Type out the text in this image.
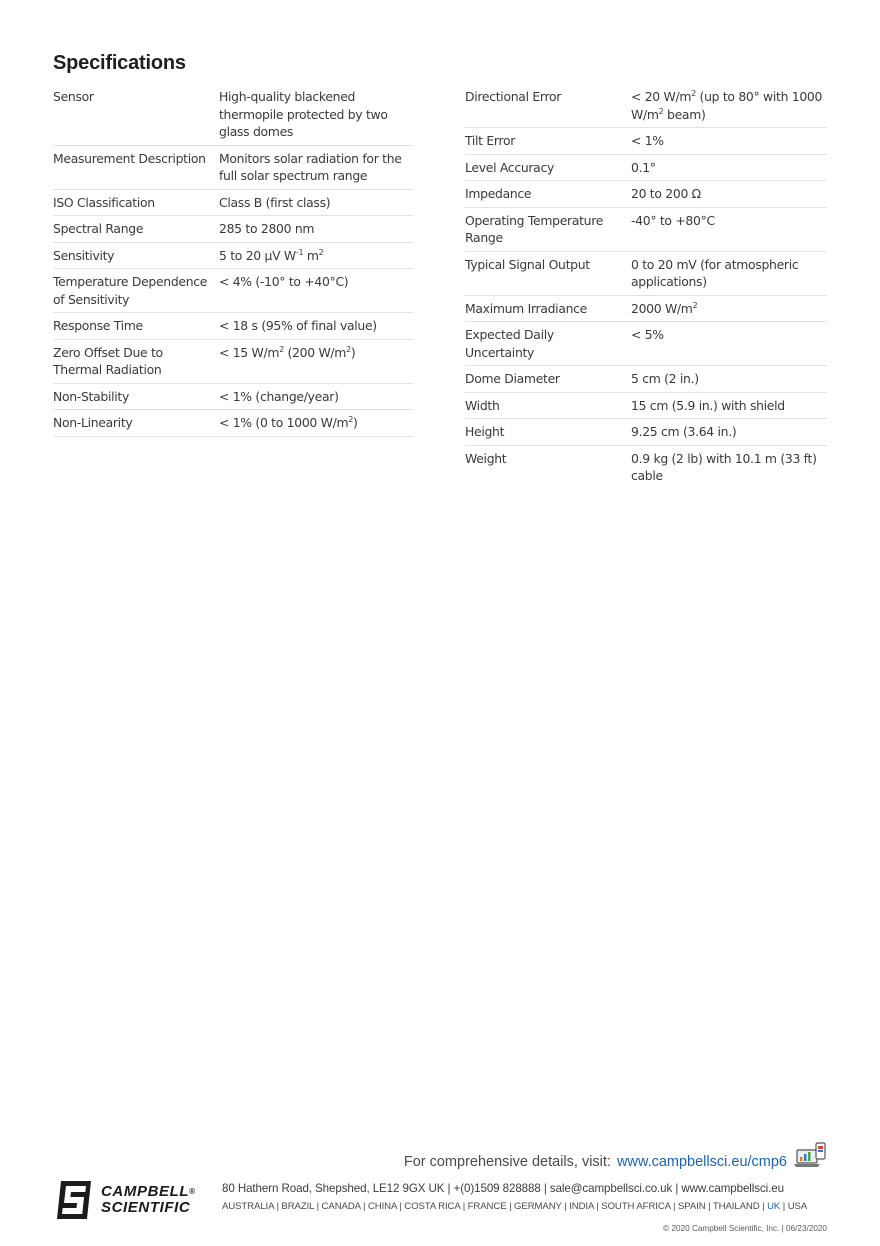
Specifications
Sensor	High-quality blackened thermopile protected by two glass domes
Measurement Description	Monitors solar radiation for the full solar spectrum range
ISO Classification	Class B (first class)
Spectral Range	285 to 2800 nm
Sensitivity	5 to 20 µV $W^{-1}$ $m^2$
Temperature Dependence of Sensitivity	< 4% (-10° to +40°C)
Response Time	< 18 s (95% of final value)
Zero Offset Due to Thermal Radiation	< 15 $W/m^2$ (200 $W/m^2$)
Non-Stability	< 1% (change/year)
Non-Linearity	< 1% (0 to 1000 $W/m^2$)
Directional Error	< 20 $W/m^2$ (up to 80° with 1000 $W/m^2$ beam)
Tilt Error	< 1%
Level Accuracy	0.1°
Impedance	20 to 200 Ω
Operating Temperature Range	-40° to +80°C
Typical Signal Output	0 to 20 mV (for atmospheric applications)
Maximum Irradiance	2000 $W/m^2$
Expected Daily Uncertainty	< 5%
Dome Diameter	5 cm (2 in.)
Width	15 cm (5.9 in.) with shield
Height	9.25 cm (3.64 in.)
Weight	0.9 kg (2 lb) with 10.1 m (33 ft) cable
For comprehensive details, visit: www.campbellsci.eu/cmp6
CAMPBELL®
SCIENTIFIC
80 Hathern Road, Shepshed, LE12 9GX UK | +(0)1509 828888 | sale@campbellsci.co.uk | www.campbellsci.eu
AUSTRALIA | BRAZIL | CANADA | CHINA | COSTA RICA | FRANCE | GERMANY | INDIA | SOUTH AFRICA | SPAIN | THAILAND | UK | USA
© 2020 Campbell Scientific, Inc. | 06/23/2020
